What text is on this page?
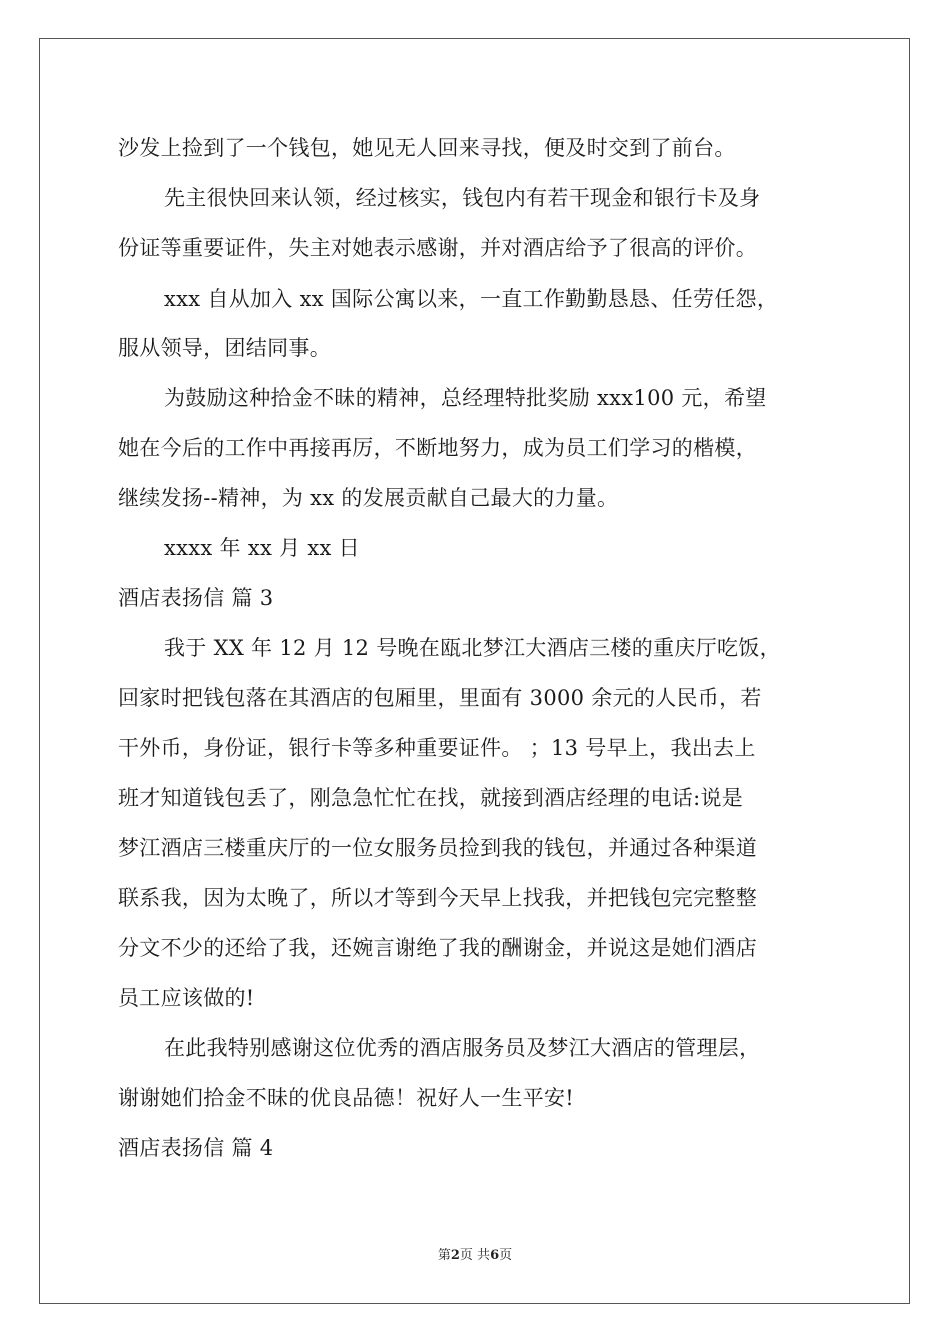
沙发上捡到了一个钱包，她见无人回来寻找，便及时交到了前台。
先主很快回来认领，经过核实，钱包内有若干现金和银行卡及身
份证等重要证件，失主对她表示感谢，并对酒店给予了很高的评价。
xxx 自从加入 xx 国际公寓以来，一直工作勤勤恳恳、任劳任怨，
服从领导，团结同事。
为鼓励这种拾金不昧的精神，总经理特批奖励 xxx100 元，希望
她在今后的工作中再接再厉，不断地努力，成为员工们学习的楷模，
继续发扬--精神，为 xx 的发展贡献自己最大的力量。
xxxx 年 xx 月 xx 日
酒店表扬信 篇 3
我于 XX 年 12 月 12 号晚在瓯北梦江大酒店三楼的重庆厅吃饭，
回家时把钱包落在其酒店的包厢里，里面有 3000 余元的人民币，若
干外币，身份证，银行卡等多种重要证件。 ；13 号早上，我出去上
班才知道钱包丢了，刚急急忙忙在找，就接到酒店经理的电话:说是
梦江酒店三楼重庆厅的一位女服务员捡到我的钱包，并通过各种渠道
联系我，因为太晚了，所以才等到今天早上找我，并把钱包完完整整
分文不少的还给了我，还婉言谢绝了我的酬谢金，并说这是她们酒店
员工应该做的!
在此我特别感谢这位优秀的酒店服务员及梦江大酒店的管理层，
谢谢她们拾金不昧的优良品德！祝好人一生平安!
酒店表扬信 篇 4
第2页 共6页
